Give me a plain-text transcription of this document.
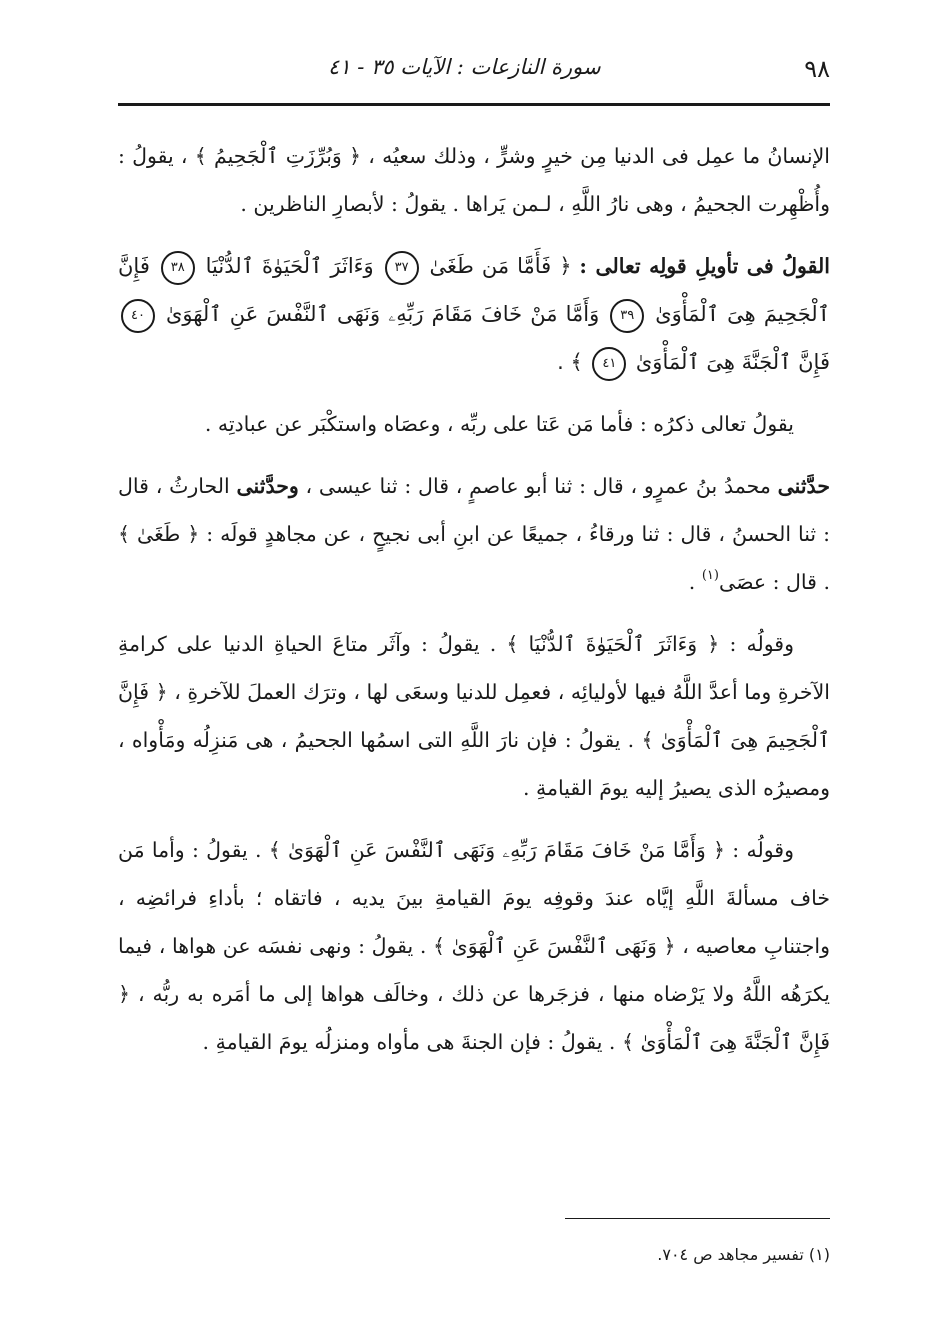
٩٨
سورة النازعات : الآيات ٣٥ - ٤١

الإنسانُ ما عمِل فى الدنيا مِن خيرٍ وشرٍّ ، وذلك سعيُه ، ﴿ وَبُرِّزَتِ ٱلْجَحِيمُ ﴾ ، يقولُ : وأُظْهِرت الجحيمُ ، وهى نارُ اللَّهِ ، لـمن يَراها . يقولُ : لأبصارِ الناظرين .

القولُ فى تأويلِ قولِه تعالى : ﴿ فَأَمَّا مَن طَغَىٰ ٣٧ وَءَاثَرَ ٱلْحَيَوٰةَ ٱلدُّنْيَا ٣٨ فَإِنَّ ٱلْجَحِيمَ هِىَ ٱلْمَأْوَىٰ ٣٩ وَأَمَّا مَنْ خَافَ مَقَامَ رَبِّهِۦ وَنَهَى ٱلنَّفْسَ عَنِ ٱلْهَوَىٰ ٤٠ فَإِنَّ ٱلْجَنَّةَ هِىَ ٱلْمَأْوَىٰ ٤١ ﴾ .

يقولُ تعالى ذكرُه : فأما مَن عَتا على ربِّه ، وعصَاه واستكْبَر عن عبادتِه .

حدَّثنى محمدُ بنُ عمرٍو ، قال : ثنا أبو عاصمٍ ، قال : ثنا عيسى ، وحدَّثنى الحارثُ ، قال : ثنا الحسنُ ، قال : ثنا ورقاءُ ، جميعًا عن ابنِ أبى نجيحٍ ، عن مجاهدٍ قولَه : ﴿ طَغَىٰ ﴾ . قال : عصَى$^{(١)}$ .

وقولُه : ﴿ وَءَاثَرَ ٱلْحَيَوٰةَ ٱلدُّنْيَا ﴾ . يقولُ : وآثَر متاعَ الحياةِ الدنيا على كرامةِ الآخرةِ وما أعدَّ اللَّهُ فيها لأوليائِه ، فعمِل للدنيا وسعَى لها ، وترَك العملَ للآخرةِ ، ﴿ فَإِنَّ ٱلْجَحِيمَ هِىَ ٱلْمَأْوَىٰ ﴾ . يقولُ : فإن نارَ اللَّهِ التى اسمُها الجحيمُ ، هى مَنزِلُه ومَأْواه ، ومصيرُه الذى يصيرُ إليه يومَ القيامةِ .

وقولُه : ﴿ وَأَمَّا مَنْ خَافَ مَقَامَ رَبِّهِۦ وَنَهَى ٱلنَّفْسَ عَنِ ٱلْهَوَىٰ ﴾ . يقولُ : وأما مَن خاف مسألةَ اللَّهِ إيَّاه عندَ وقوفِه يومَ القيامةِ بينَ يديه ، فاتقاه ؛ بأداءِ فرائضِه ، واجتنابِ معاصيه ، ﴿ وَنَهَى ٱلنَّفْسَ عَنِ ٱلْهَوَىٰ ﴾ . يقولُ : ونهى نفسَه عن هواها ، فيما يكرَهُه اللَّهُ ولا يَرْضاه منها ، فزجَرها عن ذلك ، وخالَف هواها إلى ما أمَره به ربُّه ، ﴿ فَإِنَّ ٱلْجَنَّةَ هِىَ ٱلْمَأْوَىٰ ﴾ . يقولُ : فإن الجنةَ هى مأواه ومنزلُه يومَ القيامةِ .

(١) تفسير مجاهد ص ٧٠٤.
